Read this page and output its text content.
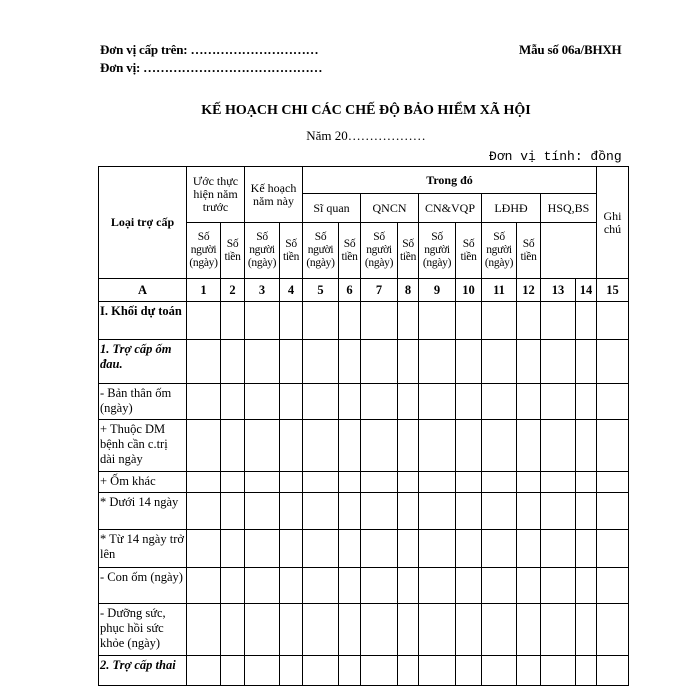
Đơn vị cấp trên: …………………………
Đơn vị: ……………………………………
Mẫu số 06a/BHXH
KẾ HOẠCH CHI CÁC CHẾ ĐỘ BẢO HIỂM XÃ HỘI
Năm 20………………
Đơn vị tính: đồng
Loại trợ cấp	Ước thực hiện năm trước		Kế hoạch năm này		Trong đó										Ghi chú
					Sĩ quan		QNCN		CN&VQP		LĐHĐ		HSQ,BS		
	Số người (ngày)	Số tiền	Số người (ngày)	Số tiền	Số người (ngày)	Số tiền	Số người (ngày)	Số tiền	Số người (ngày)	Số tiền	Số người (ngày)	Số tiền			
A	1	2	3	4	5	6	7	8	9	10	11	12	13	14	15
I. Khối dự toán															
1. Trợ cấp ốm đau.															
- Bản thân ốm (ngày)															
+ Thuộc DM bệnh cần c.trị dài ngày															
+ Ốm khác															
* Dưới 14 ngày															
* Từ 14 ngày trở lên															
- Con ốm (ngày)															
- Dưỡng sức, phục hồi sức khỏe (ngày)															
2. Trợ cấp thai															
